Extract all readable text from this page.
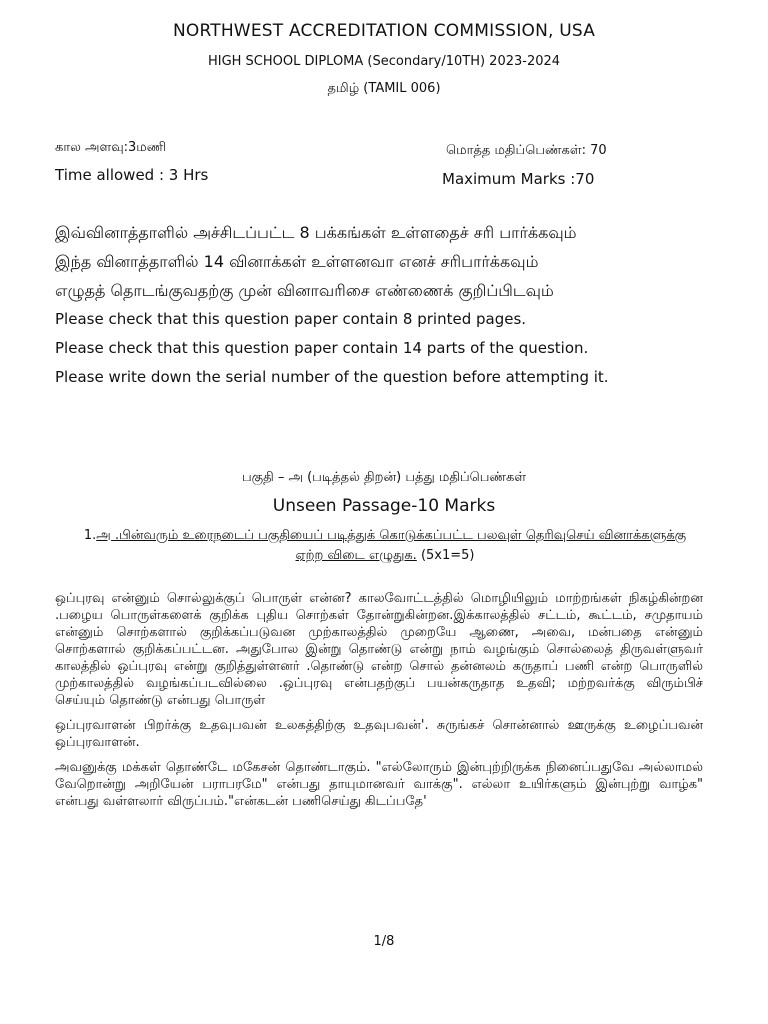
NORTHWEST ACCREDITATION COMMISSION, USA
HIGH SCHOOL DIPLOMA (Secondary/10TH) 2023-2024
தமிழ் (TAMIL 006)
கால அளவு:3மணி
Time allowed : 3 Hrs
மொத்த மதிப்பெண்கள்: 70
Maximum Marks :70

இவ்வினாத்தாளில் அச்சிடப்பட்ட 8 பக்கங்கள் உள்ளதைச் சரி பார்க்கவும்

இந்த வினாத்தாளில் 14 வினாக்கள் உள்ளனவா எனச் சரிபார்க்கவும்

எழுதத் தொடங்குவதற்கு முன் வினாவரிசை எண்ணைக் குறிப்பிடவும்

Please check that this question paper contain 8 printed pages.

Please check that this question paper contain 14 parts of the question.

Please write down the serial number of the question before attempting it.

பகுதி – அ (படித்தல் திறன்) பத்து மதிப்பெண்கள்
Unseen Passage-10 Marks
1.அ .பின்வரும் உரைநடைப் பகுதியைப் படித்துக் கொடுக்கப்பட்ட பலவுள் தெரிவுசெய் வினாக்களுக்கு ஏற்ற விடை எழுதுக. (5x1=5)

ஒப்புரவு என்னும் சொல்லுக்குப் பொருள் என்ன? காலவோட்டத்தில் மொழியிலும் மாற்றங்கள் நிகழ்கின்றன .பழைய பொருள்களைக் குறிக்க புதிய சொற்கள் தோன்றுகின்றன.இக்காலத்தில் சட்டம், கூட்டம், சமுதாயம் என்னும் சொற்களால் குறிக்கப்படுவன முற்காலத்தில் முறையே ஆணை, அவை, மன்பதை என்னும் சொற்களால் குறிக்கப்பட்டன. அதுபோல இன்று தொண்டு என்று நாம் வழங்கும் சொல்லைத் திருவள்ளுவர் காலத்தில் ஒப்புரவு என்று குறித்துள்ளனர் .தொண்டு என்ற சொல் தன்னலம் கருதாப் பணி என்ற பொருளில் முற்காலத்தில் வழங்கப்படவில்லை .ஒப்புரவு என்பதற்குப் பயன்கருதாத உதவி; மற்றவர்க்கு விரும்பிச் செய்யும் தொண்டு என்பது பொருள்

ஒப்புரவாளன் பிறர்க்கு உதவுபவன் உலகத்திற்கு உதவுபவன்'. சுருங்கச் சொன்னால் ஊருக்கு உழைப்பவன் ஒப்புரவாளன்.

அவனுக்கு மக்கள் தொண்டே மகேசன் தொண்டாகும். "எல்லோரும் இன்புற்றிருக்க நினைப்பதுவே அல்லாமல் வேறொன்று அறியேன் பராபரமே" என்பது தாயுமானவர் வாக்கு". எல்லா உயிர்களும் இன்புற்று வாழ்க" என்பது வள்ளலார் விருப்பம்."என்கடன் பணிசெய்து கிடப்பதே'

1/8
